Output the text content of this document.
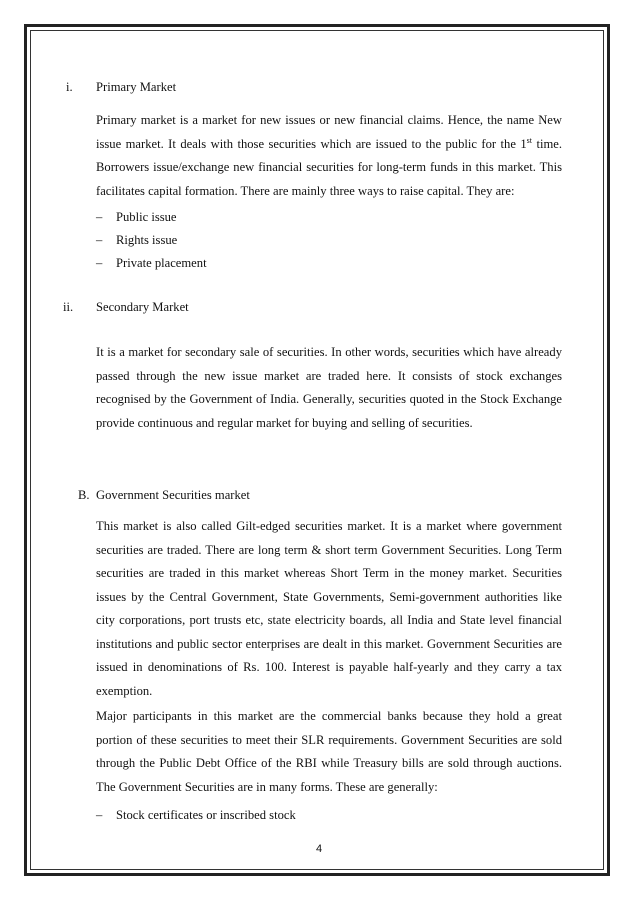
i. Primary Market

Primary market is a market for new issues or new financial claims. Hence, the name New issue market. It deals with those securities which are issued to the public for the 1st time. Borrowers issue/exchange new financial securities for long-term funds in this market. This facilitates capital formation. There are mainly three ways to raise capital. They are:

– Public issue
– Rights issue
– Private placement
ii. Secondary Market

It is a market for secondary sale of securities. In other words, securities which have already passed through the new issue market are traded here. It consists of stock exchanges recognised by the Government of India. Generally, securities quoted in the Stock Exchange provide continuous and regular market for buying and selling of securities.

B. Government Securities market

This market is also called Gilt-edged securities market. It is a market where government securities are traded. There are long term & short term Government Securities. Long Term securities are traded in this market whereas Short Term in the money market. Securities issues by the Central Government, State Governments, Semi-government authorities like city corporations, port trusts etc, state electricity boards, all India and State level financial institutions and public sector enterprises are dealt in this market. Government Securities are issued in denominations of Rs. 100. Interest is payable half-yearly and they carry a tax exemption.

Major participants in this market are the commercial banks because they hold a great portion of these securities to meet their SLR requirements. Government Securities are sold through the Public Debt Office of the RBI while Treasury bills are sold through auctions. The Government Securities are in many forms. These are generally:

– Stock certificates or inscribed stock
4
